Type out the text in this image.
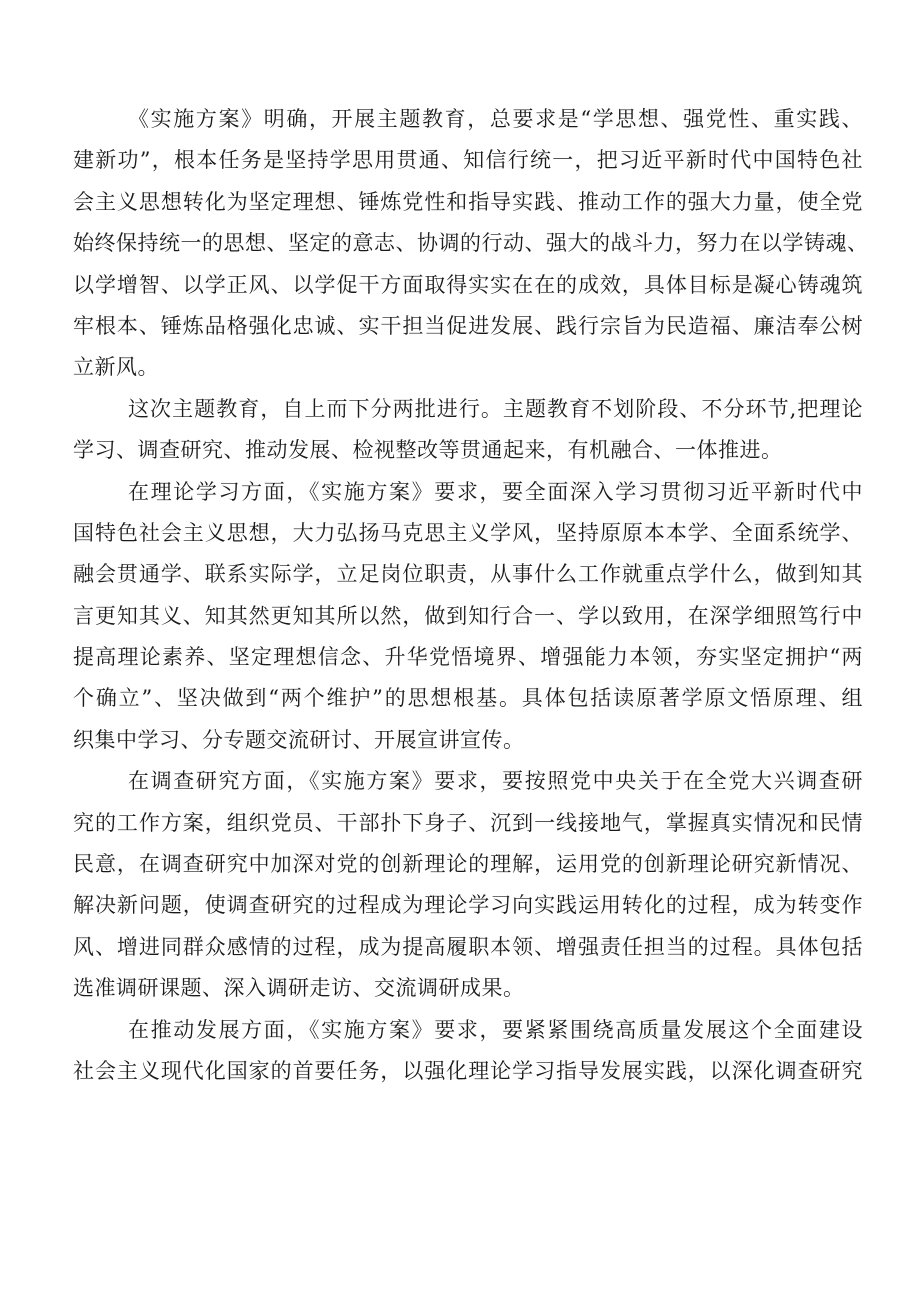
《实施方案》明确，开展主题教育，总要求是“学思想、强党性、重实践、
建新功”，根本任务是坚持学思用贯通、知信行统一，把习近平新时代中国特色社
会主义思想转化为坚定理想、锤炼党性和指导实践、推动工作的强大力量，使全党
始终保持统一的思想、坚定的意志、协调的行动、强大的战斗力，努力在以学铸魂、
以学增智、以学正风、以学促干方面取得实实在在的成效，具体目标是凝心铸魂筑
牢根本、锤炼品格强化忠诚、实干担当促进发展、践行宗旨为民造福、廉洁奉公树
立新风。
这次主题教育，自上而下分两批进行。主题教育不划阶段、不分环节,把理论
学习、调查研究、推动发展、检视整改等贯通起来，有机融合、一体推进。
在理论学习方面，《实施方案》要求，要全面深入学习贯彻习近平新时代中
国特色社会主义思想，大力弘扬马克思主义学风，坚持原原本本学、全面系统学、
融会贯通学、联系实际学，立足岗位职责，从事什么工作就重点学什么，做到知其
言更知其义、知其然更知其所以然，做到知行合一、学以致用，在深学细照笃行中
提高理论素养、坚定理想信念、升华党悟境界、增强能力本领，夯实坚定拥护“两
个确立”、坚决做到“两个维护”的思想根基。具体包括读原著学原文悟原理、组
织集中学习、分专题交流研讨、开展宣讲宣传。
在调查研究方面，《实施方案》要求，要按照党中央关于在全党大兴调查研
究的工作方案，组织党员、干部扑下身子、沉到一线接地气，掌握真实情况和民情
民意，在调查研究中加深对党的创新理论的理解，运用党的创新理论研究新情况、
解决新问题，使调查研究的过程成为理论学习向实践运用转化的过程，成为转变作
风、增进同群众感情的过程，成为提高履职本领、增强责任担当的过程。具体包括
选准调研课题、深入调研走访、交流调研成果。
在推动发展方面，《实施方案》要求，要紧紧围绕高质量发展这个全面建设
社会主义现代化国家的首要任务，以强化理论学习指导发展实践，以深化调查研究
